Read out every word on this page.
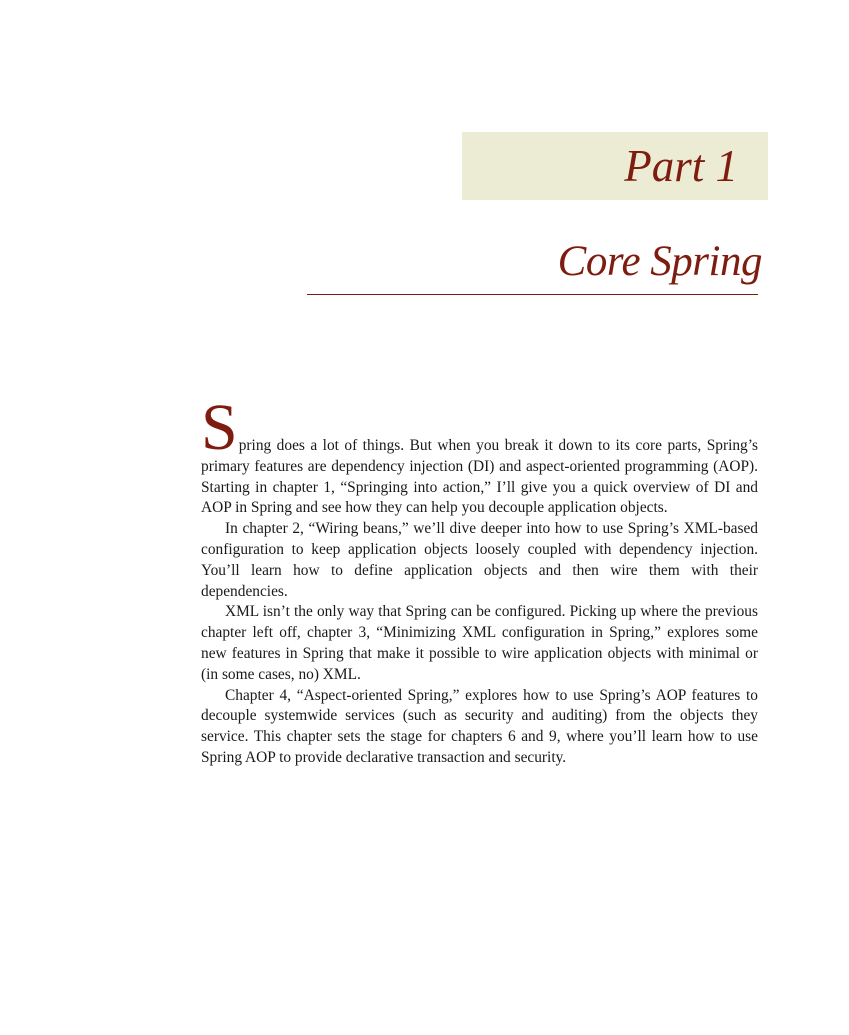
Part 1
Core Spring

Spring does a lot of things. But when you break it down to its core parts, Spring’s primary features are dependency injection (DI) and aspect-oriented programming (AOP). Starting in chapter 1, “Springing into action,” I’ll give you a quick overview of DI and AOP in Spring and see how they can help you decouple application objects.

In chapter 2, “Wiring beans,” we’ll dive deeper into how to use Spring’s XML-based configuration to keep application objects loosely coupled with dependency injection. You’ll learn how to define application objects and then wire them with their dependencies.

XML isn’t the only way that Spring can be configured. Picking up where the previous chapter left off, chapter 3, “Minimizing XML configuration in Spring,” explores some new features in Spring that make it possible to wire application objects with minimal or (in some cases, no) XML.

Chapter 4, “Aspect-oriented Spring,” explores how to use Spring’s AOP features to decouple systemwide services (such as security and auditing) from the objects they service. This chapter sets the stage for chapters 6 and 9, where you’ll learn how to use Spring AOP to provide declarative transaction and security.
